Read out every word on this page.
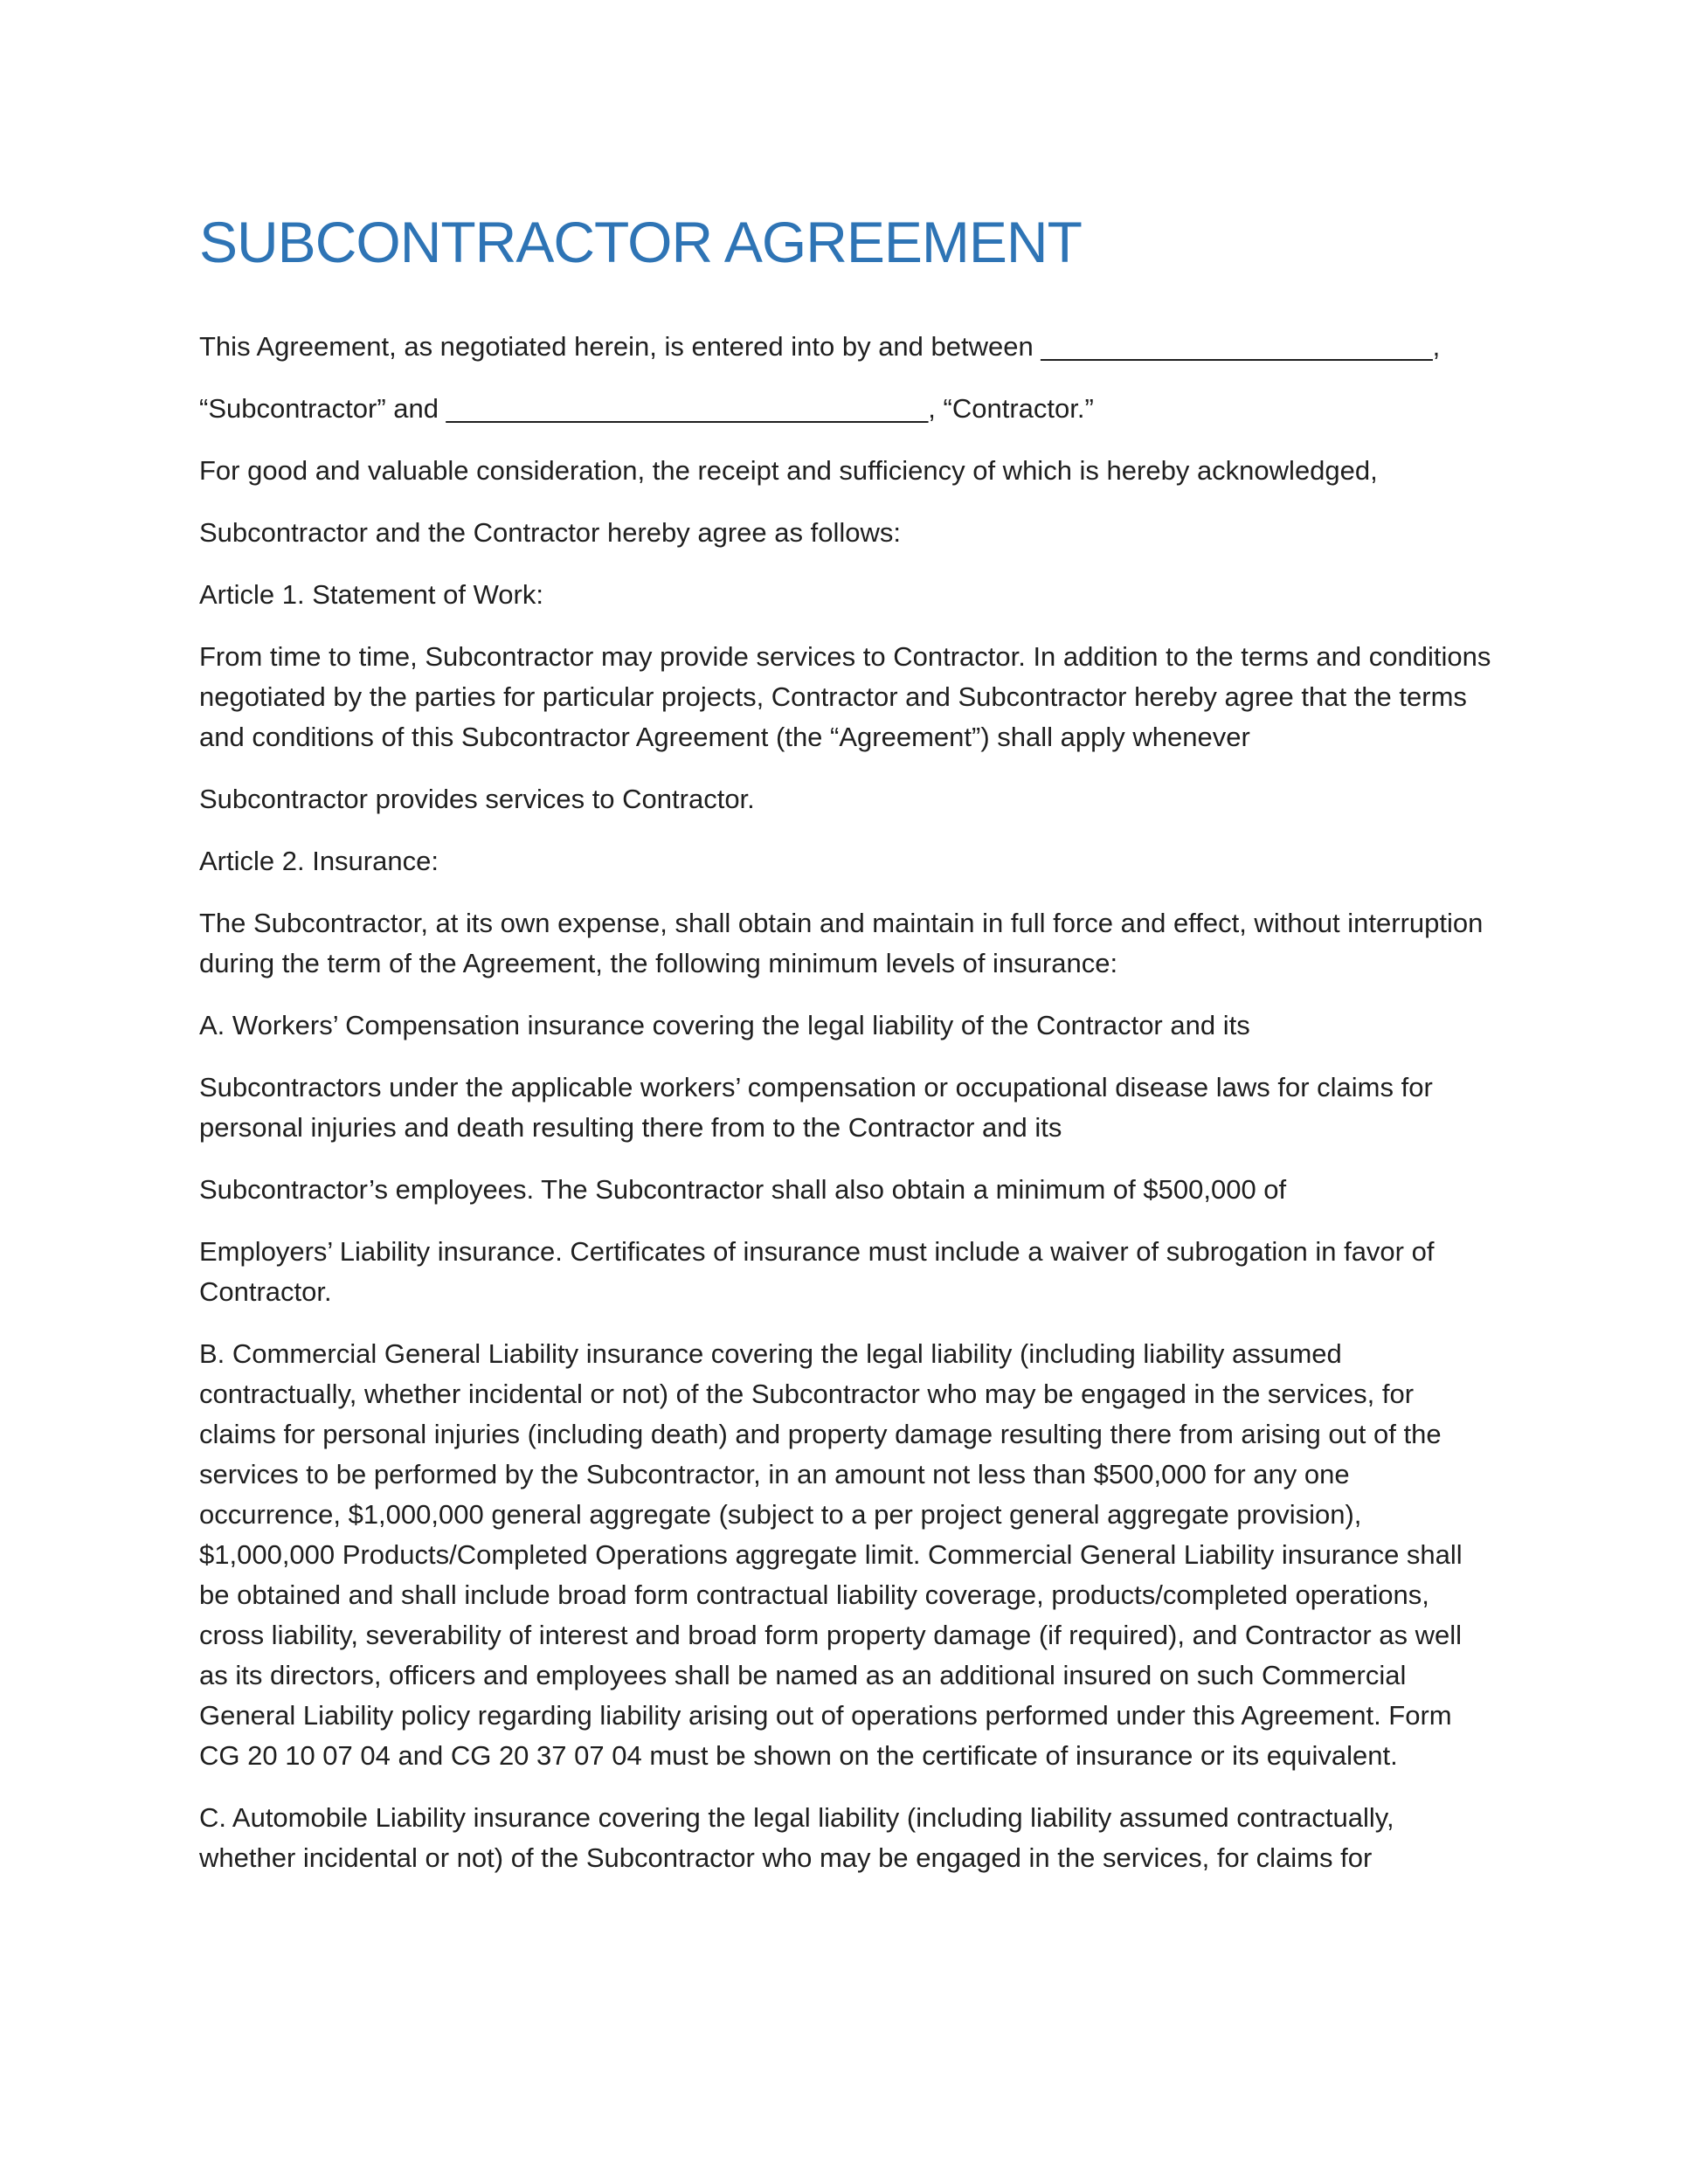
SUBCONTRACTOR AGREEMENT

This Agreement, as negotiated herein, is entered into by and between __________________________,

“Subcontractor” and ________________________________, “Contractor.”

For good and valuable consideration, the receipt and sufficiency of which is hereby acknowledged,

Subcontractor and the Contractor hereby agree as follows:

Article 1. Statement of Work:

From time to time, Subcontractor may provide services to Contractor. In addition to the terms and conditions negotiated by the parties for particular projects, Contractor and Subcontractor hereby agree that the terms and conditions of this Subcontractor Agreement (the “Agreement”) shall apply whenever

Subcontractor provides services to Contractor.

Article 2. Insurance:

The Subcontractor, at its own expense, shall obtain and maintain in full force and effect, without interruption during the term of the Agreement, the following minimum levels of insurance:

A. Workers’ Compensation insurance covering the legal liability of the Contractor and its

Subcontractors under the applicable workers’ compensation or occupational disease laws for claims for personal injuries and death resulting there from to the Contractor and its

Subcontractor’s employees. The Subcontractor shall also obtain a minimum of $500,000 of

Employers’ Liability insurance. Certificates of insurance must include a waiver of subrogation in favor of Contractor.

B. Commercial General Liability insurance covering the legal liability (including liability assumed contractually, whether incidental or not) of the Subcontractor who may be engaged in the services, for claims for personal injuries (including death) and property damage resulting there from arising out of the services to be performed by the Subcontractor, in an amount not less than $500,000 for any one occurrence, $1,000,000 general aggregate (subject to a per project general aggregate provision), $1,000,000 Products/Completed Operations aggregate limit. Commercial General Liability insurance shall be obtained and shall include broad form contractual liability coverage, products/completed operations, cross liability, severability of interest and broad form property damage (if required), and Contractor as well as its directors, officers and employees shall be named as an additional insured on such Commercial General Liability policy regarding liability arising out of operations performed under this Agreement. Form CG 20 10 07 04 and CG 20 37 07 04 must be shown on the certificate of insurance or its equivalent.

C. Automobile Liability insurance covering the legal liability (including liability assumed contractually, whether incidental or not) of the Subcontractor who may be engaged in the services, for claims for
